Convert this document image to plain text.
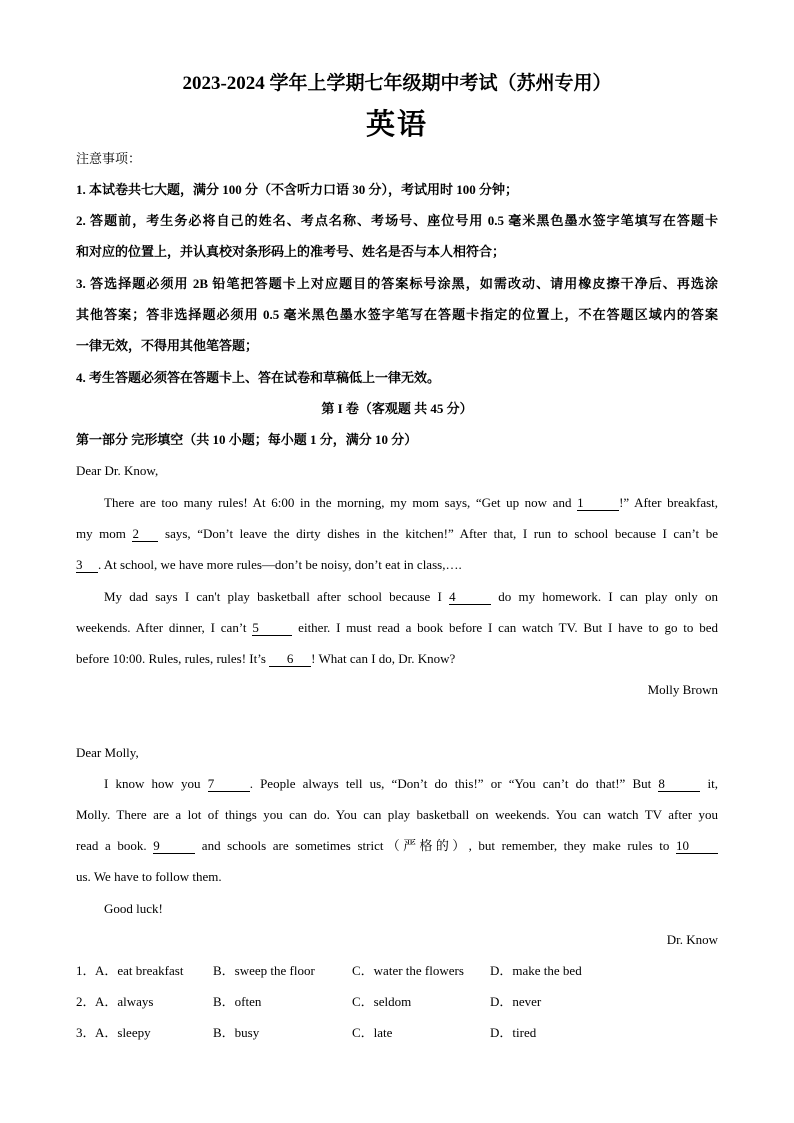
2023-2024 学年上学期七年级期中考试（苏州专用）
英语
注意事项：
1. 本试卷共七大题，满分 100 分（不含听力口语 30 分），考试用时 100 分钟；
2. 答题前，考生务必将自己的姓名、考点名称、考场号、座位号用 0.5 毫米黑色墨水签字笔填写在答题卡
和对应的位置上，并认真校对条形码上的准考号、姓名是否与本人相符合；
3. 答选择题必须用 2B 铅笔把答题卡上对应题目的答案标号涂黑，如需改动、请用橡皮擦干净后、再选涂
其他答案；答非选择题必须用 0.5 毫米黑色墨水签字笔写在答题卡指定的位置上，不在答题区域内的答案
一律无效，不得用其他笔答题；
4. 考生答题必须答在答题卡上、答在试卷和草稿低上一律无效。
第 I 卷（客观题 共 45 分）
第一部分 完形填空（共 10 小题；每小题 1 分，满分 10 分）
Dear Dr. Know,
There are too many rules! At 6:00 in the morning, my mom says, “Get up now and 1	!” After breakfast,
my mom 2 says, “Don’t leave the dirty dishes in the kitchen!” After that, I run to school because I can’t be
3 . At school, we have more rules—don’t be noisy, don’t eat in class,….
My dad says I can't play basketball after school because I 4	do my homework. I can play only on
weekends. After dinner, I can’t 5	either. I must read a book before I can watch TV. But I have to go to bed
before 10:00. Rules, rules, rules! It’s 6 ! What can I do, Dr. Know?
Molly Brown
Dear Molly,
I know how you 7	. People always tell us, “Don’t do this!” or “You can’t do that!” But 8	it,
Molly. There are a lot of things you can do. You can play basketball on weekends. You can watch TV after you
read a book. 9	and schools are sometimes strict（严格的）, but remember, they make rules to 10
us. We have to follow them.
Good luck!
Dr. Know
1． A．eat breakfast B．sweep the floor	C．water the flowers D．make the bed
2． A．always	B．often	C．seldom	D．never
3． A．sleepy	B．busy	C．late	D．tired
